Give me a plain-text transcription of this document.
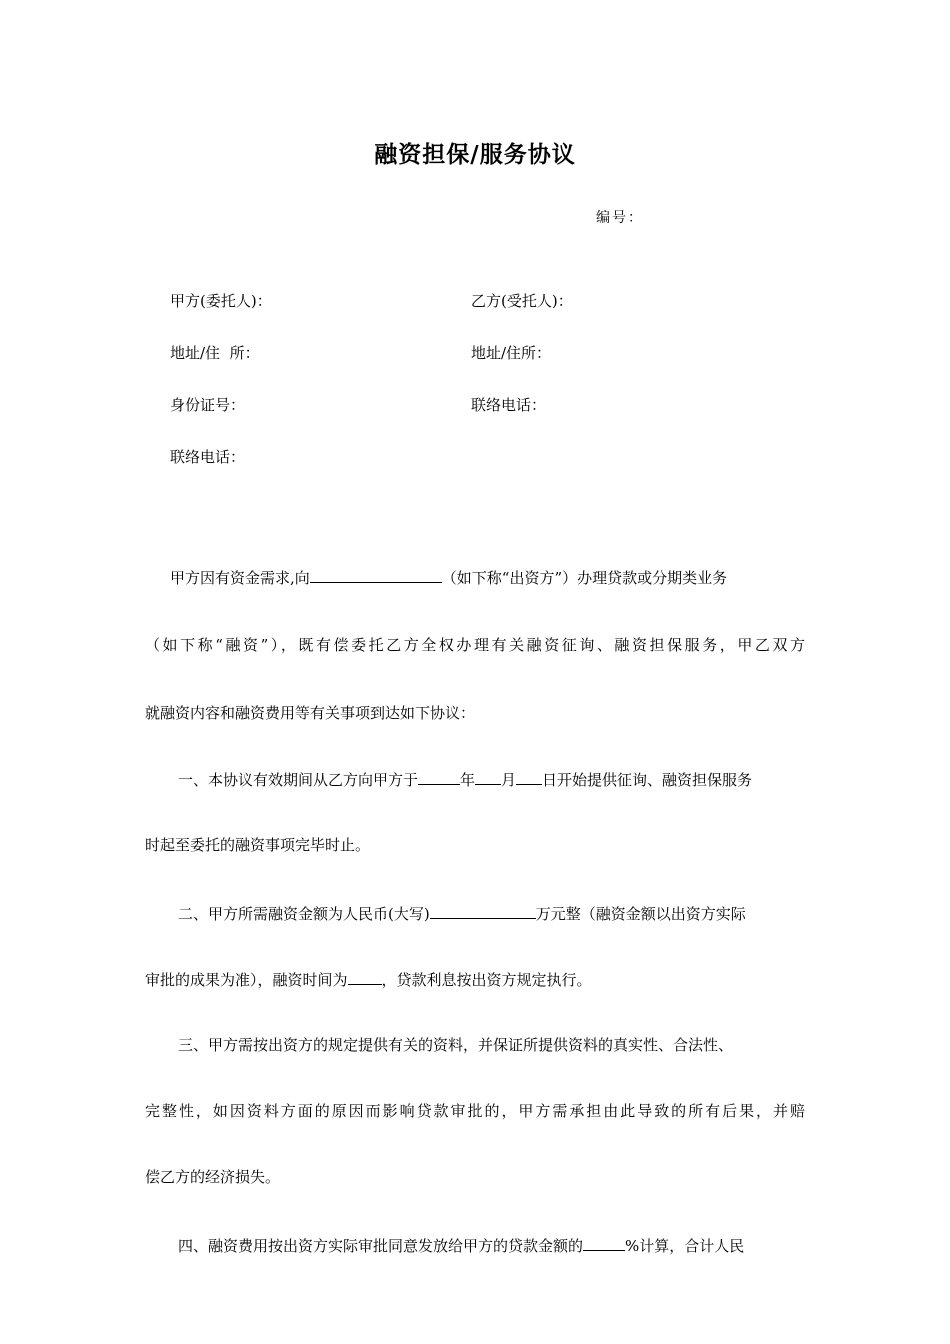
融资担保/服务协议
编号：
甲方(委托人)：	乙方(受托人)：
地址/住  所：	地址/住所：
身份证号：	联络电话：
联络电话：
甲方因有资金需求,向	（如下称“出资方”）办理贷款或分期类业务
（如下称“融资”），既有偿委托乙方全权办理有关融资征询、融资担保服务，甲乙双方
就融资内容和融资费用等有关事项到达如下协议：
一、本协议有效期间从乙方向甲方于	年 月 日开始提供征询、融资担保服务
时起至委托的融资事项完毕时止。
二、甲方所需融资金额为人民币(大写)	万元整（融资金额以出资方实际
审批的成果为准），融资时间为 ，贷款利息按出资方规定执行。
三、甲方需按出资方的规定提供有关的资料，并保证所提供资料的真实性、合法性、
完整性，如因资料方面的原因而影响贷款审批的，甲方需承担由此导致的所有后果，并赔
偿乙方的经济损失。
四、融资费用按出资方实际审批同意发放给甲方的贷款金额的	%计算，合计人民
